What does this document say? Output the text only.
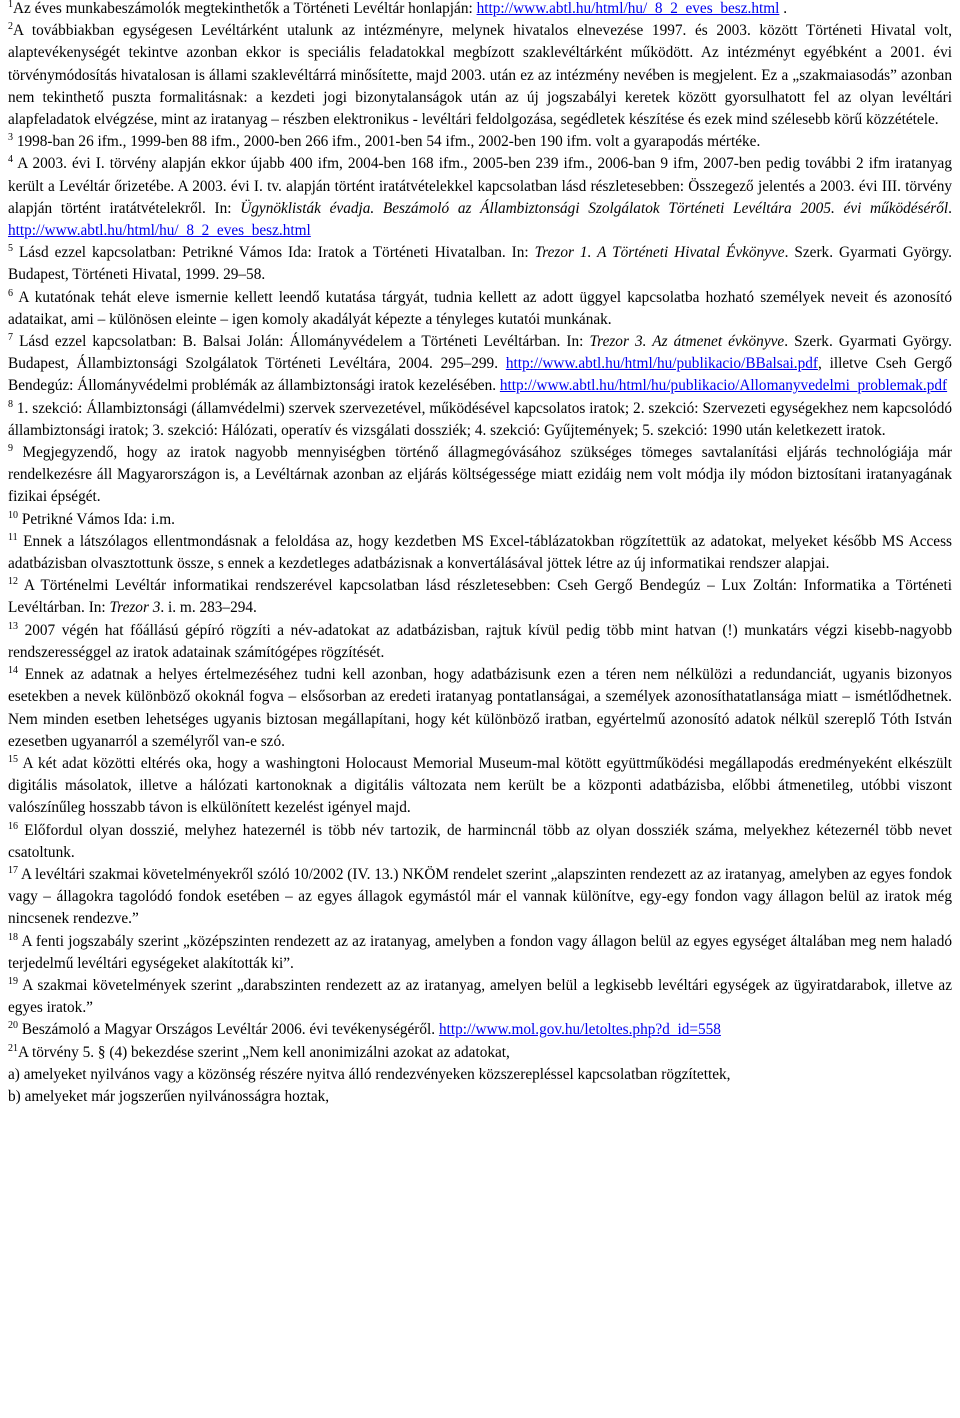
$^1$Az éves munkabeszámolók megtekinthetők a Történeti Levéltár honlapján: http://www.abtl.hu/html/hu/_8_2_eves_besz.html .

$^2$A továbbiakban egységesen Levéltárként utalunk az intézményre, melynek hivatalos elnevezése 1997. és 2003. között Történeti Hivatal volt, alaptevékenységét tekintve azonban ekkor is speciális feladatokkal megbízott szaklevéltárként működött. Az intézményt egyébként a 2001. évi törvénymódosítás hivatalosan is állami szaklevéltárrá minősítette, majd 2003. után ez az intézmény nevében is megjelent. Ez a „szakmaiasodás” azonban nem tekinthető puszta formalitásnak: a kezdeti jogi bizonytalanságok után az új jogszabályi keretek között gyorsulhatott fel az olyan levéltári alapfeladatok elvégzése, mint az iratanyag – részben elektronikus - levéltári feldolgozása, segédletek készítése és ezek mind szélesebb körű közzététele.

$^3$ 1998-ban 26 ifm., 1999-ben 88 ifm., 2000-ben 266 ifm., 2001-ben 54 ifm., 2002-ben 190 ifm. volt a gyarapodás mértéke.

$^4$ A 2003. évi I. törvény alapján ekkor újabb 400 ifm, 2004-ben 168 ifm., 2005-ben 239 ifm., 2006-ban 9 ifm, 2007-ben pedig további 2 ifm iratanyag került a Levéltár őrizetébe. A 2003. évi I. tv. alapján történt iratátvételekkel kapcsolatban lásd részletesebben: Összegező jelentés a 2003. évi III. törvény alapján történt iratátvételekről. In: Ügynöklisták évadja. Beszámoló az Állambiztonsági Szolgálatok Történeti Levéltára 2005. évi működéséről. http://www.abtl.hu/html/hu/_8_2_eves_besz.html

$^5$ Lásd ezzel kapcsolatban: Petrikné Vámos Ida: Iratok a Történeti Hivatalban. In: Trezor 1. A Történeti Hivatal Évkönyve. Szerk. Gyarmati György. Budapest, Történeti Hivatal, 1999. 29–58.

$^6$ A kutatónak tehát eleve ismernie kellett leendő kutatása tárgyát, tudnia kellett az adott üggyel kapcsolatba hozható személyek neveit és azonosító adataikat, ami – különösen eleinte – igen komoly akadályát képezte a tényleges kutatói munkának.

$^7$ Lásd ezzel kapcsolatban: B. Balsai Jolán: Állományvédelem a Történeti Levéltárban. In: Trezor 3. Az átmenet évkönyve. Szerk. Gyarmati György. Budapest, Állambiztonsági Szolgálatok Történeti Levéltára, 2004. 295–299. http://www.abtl.hu/html/hu/publikacio/BBalsai.pdf, illetve Cseh Gergő Bendegúz: Állományvédelmi problémák az állambiztonsági iratok kezelésében. http://www.abtl.hu/html/hu/publikacio/Allomanyvedelmi_problemak.pdf

$^8$ 1. szekció: Állambiztonsági (államvédelmi) szervek szervezetével, működésével kapcsolatos iratok; 2. szekció: Szervezeti egységekhez nem kapcsolódó állambiztonsági iratok; 3. szekció: Hálózati, operatív és vizsgálati dossziék; 4. szekció: Gyűjtemények; 5. szekció: 1990 után keletkezett iratok.

$^9$ Megjegyzendő, hogy az iratok nagyobb mennyiségben történő állagmegóvásához szükséges tömeges savtalanítási eljárás technológiája már rendelkezésre áll Magyarországon is, a Levéltárnak azonban az eljárás költségessége miatt ezidáig nem volt módja ily módon biztosítani iratanyagának fizikai épségét.

$^{10}$ Petrikné Vámos Ida: i.m.

$^{11}$ Ennek a látszólagos ellentmondásnak a feloldása az, hogy kezdetben MS Excel-táblázatokban rögzítettük az adatokat, melyeket később MS Access adatbázisban olvasztottunk össze, s ennek a kezdetleges adatbázisnak a konvertálásával jöttek létre az új informatikai rendszer alapjai.

$^{12}$ A Történelmi Levéltár informatikai rendszerével kapcsolatban lásd részletesebben: Cseh Gergő Bendegúz – Lux Zoltán: Informatika a Történeti Levéltárban. In: Trezor 3. i. m. 283–294.

$^{13}$ 2007 végén hat főállású gépíró rögzíti a név-adatokat az adatbázisban, rajtuk kívül pedig több mint hatvan (!) munkatárs végzi kisebb-nagyobb rendszerességgel az iratok adatainak számítógépes rögzítését.

$^{14}$ Ennek az adatnak a helyes értelmezéséhez tudni kell azonban, hogy adatbázisunk ezen a téren nem nélkülözi a redundanciát, ugyanis bizonyos esetekben a nevek különböző okoknál fogva – elsősorban az eredeti iratanyag pontatlanságai, a személyek azonosíthatatlansága miatt – ismétlődhetnek. Nem minden esetben lehetséges ugyanis biztosan megállapítani, hogy két különböző iratban, egyértelmű azonosító adatok nélkül szereplő Tóth István ezesetben ugyanarról a személyről van-e szó.

$^{15}$ A két adat közötti eltérés oka, hogy a washingtoni Holocaust Memorial Museum-mal kötött együttműködési megállapodás eredményeként elkészült digitális másolatok, illetve a hálózati kartonoknak a digitális változata nem került be a központi adatbázisba, előbbi átmenetileg, utóbbi viszont valószínűleg hosszabb távon is elkülönített kezelést igényel majd.

$^{16}$ Előfordul olyan dosszié, melyhez hatezernél is több név tartozik, de harmincnál több az olyan dossziék száma, melyekhez kétezernél több nevet csatoltunk.

$^{17}$ A levéltári szakmai követelményekről szóló 10/2002 (IV. 13.) NKÖM rendelet szerint „alapszinten rendezett az az iratanyag, amelyben az egyes fondok vagy – állagokra tagolódó fondok esetében – az egyes állagok egymástól már el vannak különítve, egy-egy fondon vagy állagon belül az iratok még nincsenek rendezve.”

$^{18}$ A fenti jogszabály szerint „középszinten rendezett az az iratanyag, amelyben a fondon vagy állagon belül az egyes egységet általában meg nem haladó terjedelmű levéltári egységeket alakították ki”.

$^{19}$ A szakmai követelmények szerint „darabszinten rendezett az az iratanyag, amelyen belül a legkisebb levéltári egységek az ügyiratdarabok, illetve az egyes iratok.”

$^{20}$ Beszámoló a Magyar Országos Levéltár 2006. évi tevékenységéről. http://www.mol.gov.hu/letoltes.php?d_id=558

$^{21}$A törvény 5. § (4) bekezdése szerint „Nem kell anonimizálni azokat az adatokat,

a) amelyeket nyilvános vagy a közönség részére nyitva álló rendezvényeken közszerepléssel kapcsolatban rögzítettek,

b) amelyeket már jogszerűen nyilvánosságra hoztak,
